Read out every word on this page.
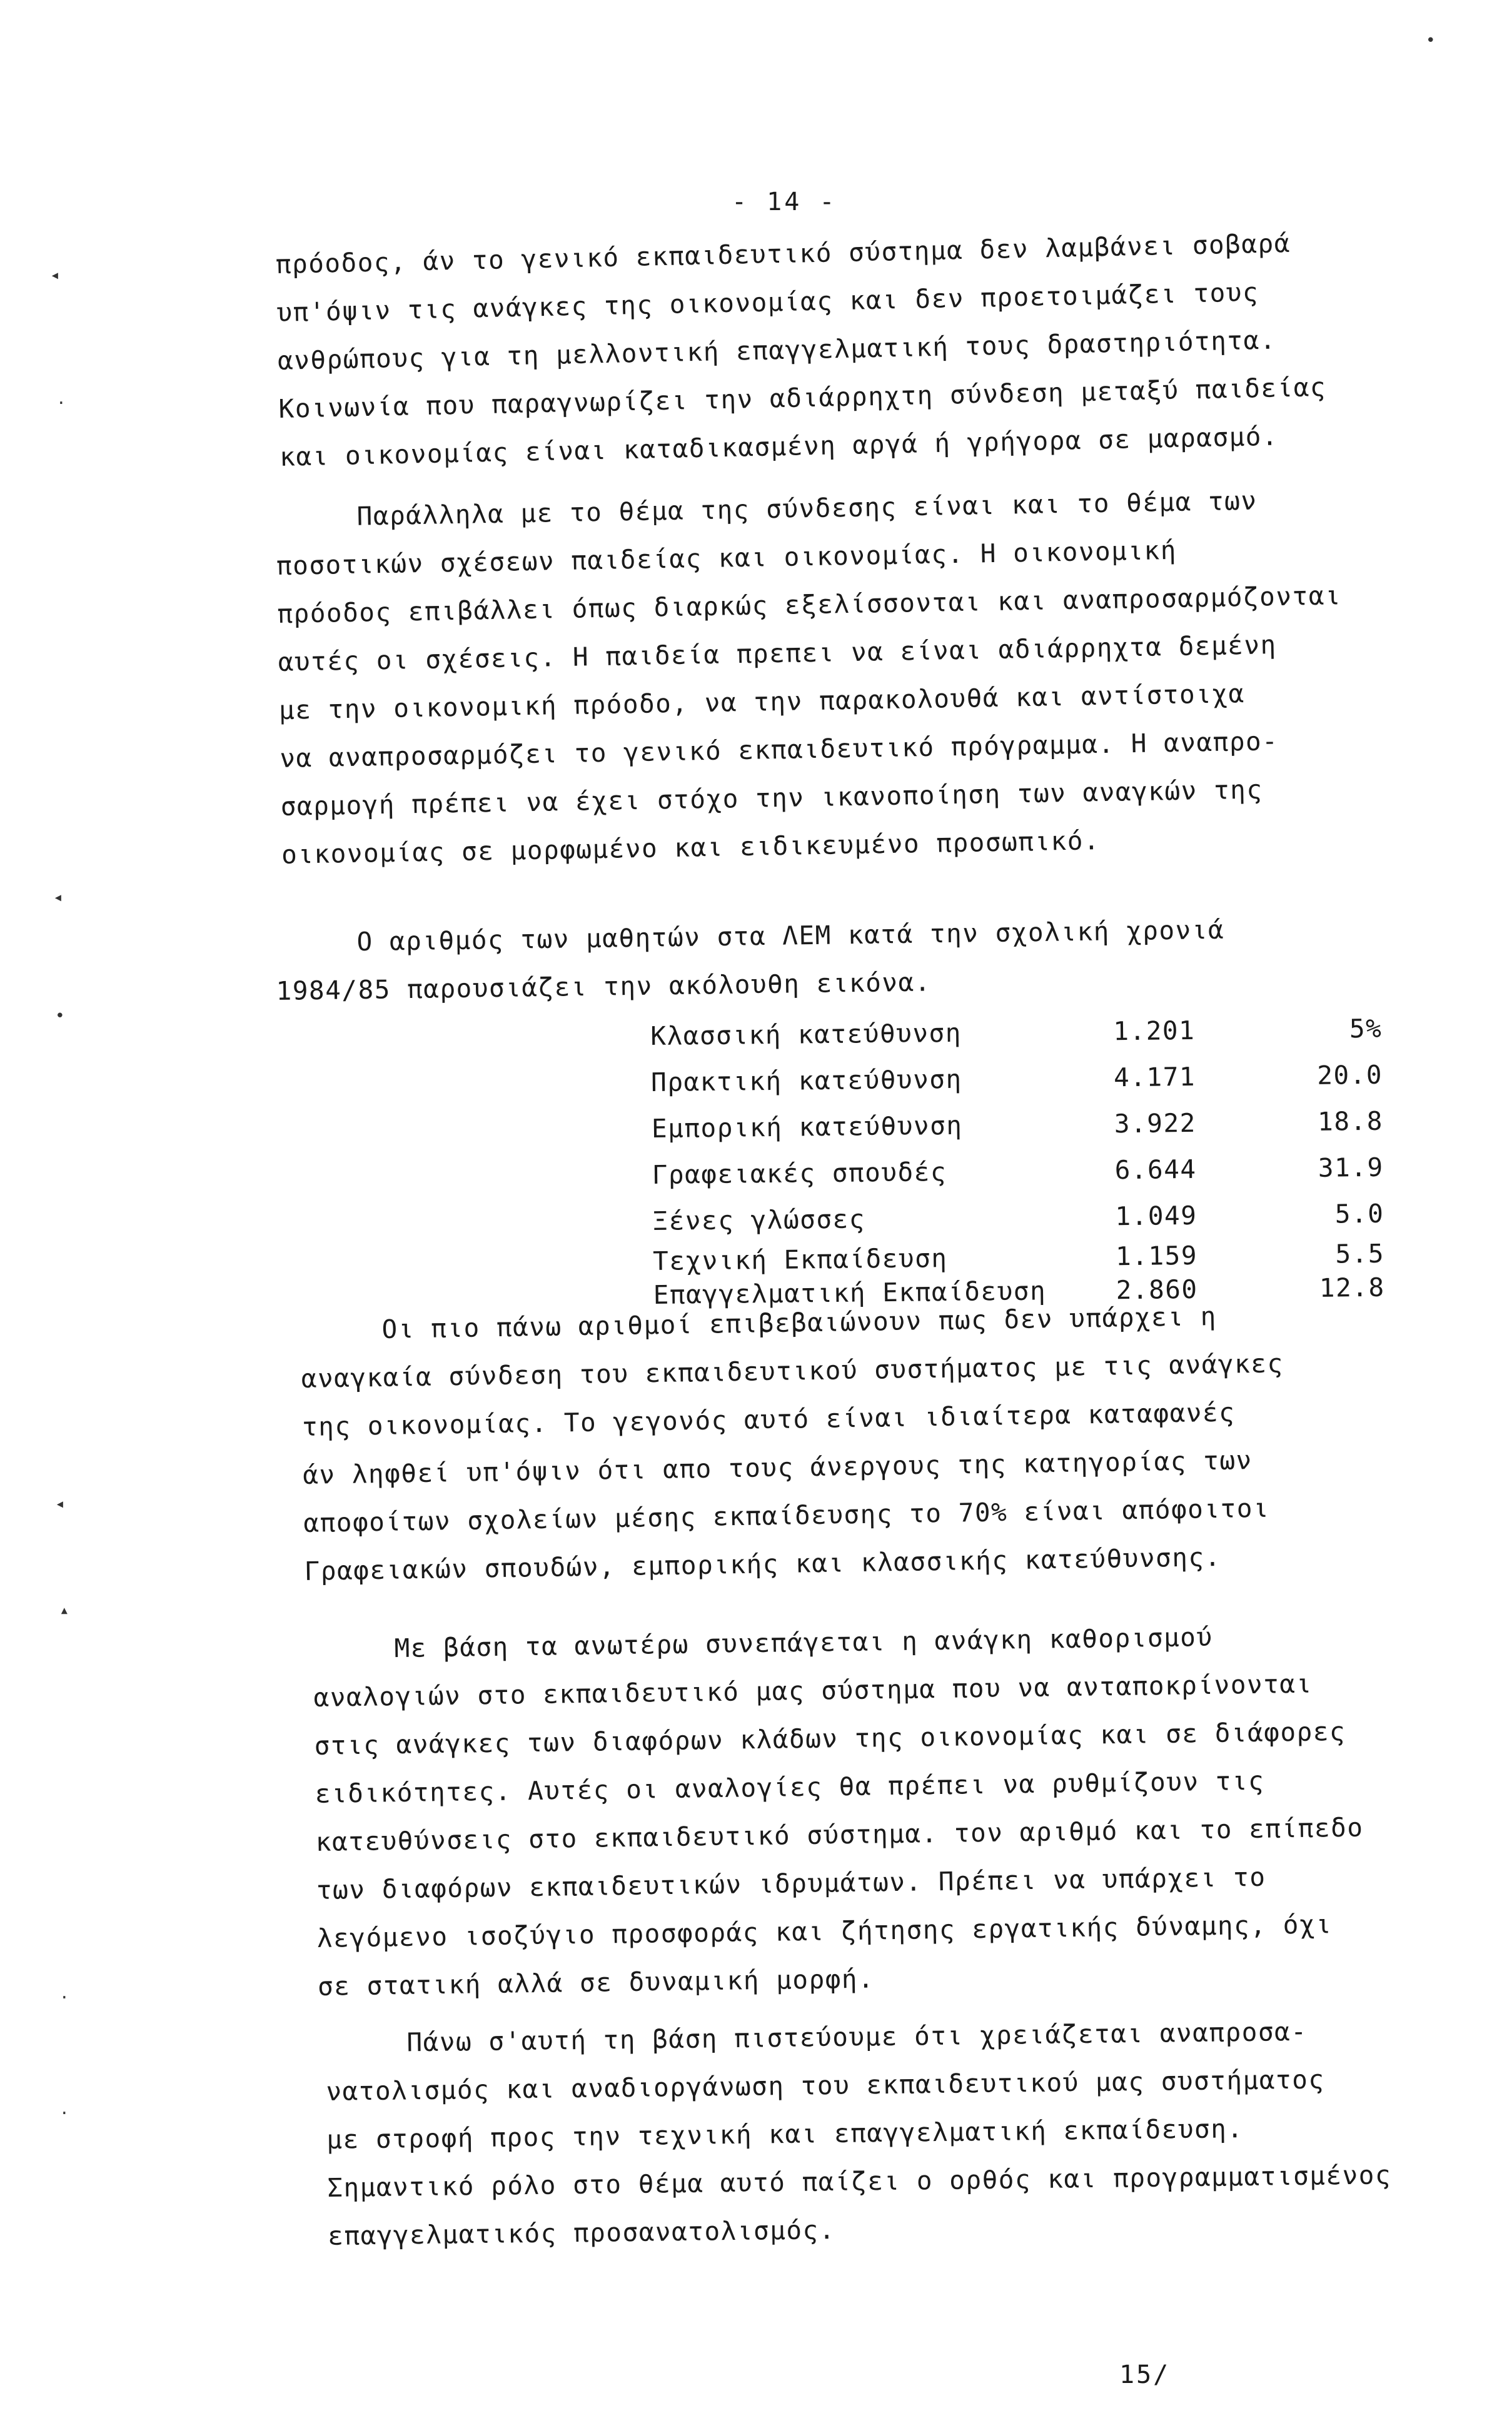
- 14 -
πρόοδος, άν το γενικό εκπαιδευτικό σύστημα δεν λαμβάνει σοβαρά
υπ'όψιν τις ανάγκες της οικονομίας και δεν προετοιμάζει τους
ανθρώπους για τη μελλοντική επαγγελματική τους δραστηριότητα.
Κοινωνία που παραγνωρίζει την αδιάρρηχτη σύνδεση μεταξύ παιδείας
και οικονομίας είναι καταδικασμένη αργά ή γρήγορα σε μαρασμό.
Παράλληλα με το θέμα της σύνδεσης είναι και το θέμα των
ποσοτικών σχέσεων παιδείας και οικονομίας. Η οικονομική
πρόοδος επιβάλλει όπως διαρκώς εξελίσσονται και αναπροσαρμόζονται
αυτές οι σχέσεις. Η παιδεία πρεπει να είναι αδιάρρηχτα δεμένη
με την οικονομική πρόοδο, να την παρακολουθά και αντίστοιχα
να αναπροσαρμόζει το γενικό εκπαιδευτικό πρόγραμμα. Η αναπρο-
σαρμογή πρέπει να έχει στόχο την ικανοποίηση των αναγκών της
οικονομίας σε μορφωμένο και ειδικευμένο προσωπικό.
Ο αριθμός των μαθητών στα ΛΕΜ κατά την σχολική χρονιά
1984/85 παρουσιάζει την ακόλουθη εικόνα.
Κλασσική κατεύθυνση	1.201	5%
Πρακτική κατεύθυνση	4.171	20.0
Εμπορική κατεύθυνση	3.922	18.8
Γραφειακές σπουδές	6.644	31.9
Ξένες γλώσσες	1.049	5.0
Τεχνική Εκπαίδευση	1.159	5.5
Επαγγελματική Εκπαίδευση	2.860	12.8
Οι πιο πάνω αριθμοί επιβεβαιώνουν πως δεν υπάρχει η
αναγκαία σύνδεση του εκπαιδευτικού συστήματος με τις ανάγκες
της οικονομίας. Το γεγονός αυτό είναι ιδιαίτερα καταφανές
άν ληφθεί υπ'όψιν ότι απο τους άνεργους της κατηγορίας των
αποφοίτων σχολείων μέσης εκπαίδευσης το 70% είναι απόφοιτοι
Γραφειακών σπουδών, εμπορικής και κλασσικής κατεύθυνσης.
Με βάση τα ανωτέρω συνεπάγεται η ανάγκη καθορισμού
αναλογιών στο εκπαιδευτικό μας σύστημα που να ανταποκρίνονται
στις ανάγκες των διαφόρων κλάδων της οικονομίας και σε διάφορες
ειδικότητες. Αυτές οι αναλογίες θα πρέπει να ρυθμίζουν τις
κατευθύνσεις στο εκπαιδευτικό σύστημα. τον αριθμό και το επίπεδο
των διαφόρων εκπαιδευτικών ιδρυμάτων. Πρέπει να υπάρχει το
λεγόμενο ισοζύγιο προσφοράς και ζήτησης εργατικής δύναμης, όχι
σε στατική αλλά σε δυναμική μορφή.
Πάνω σ'αυτή τη βάση πιστεύουμε ότι χρειάζεται αναπροσα-
νατολισμός και αναδιοργάνωση του εκπαιδευτικού μας συστήματος
με στροφή προς την τεχνική και επαγγελματική εκπαίδευση.
Σημαντικό ρόλο στο θέμα αυτό παίζει ο ορθός και προγραμματισμένος
επαγγελματικός προσανατολισμός.
15/
◂
·
◂
•
◂
▴
·
·
•
